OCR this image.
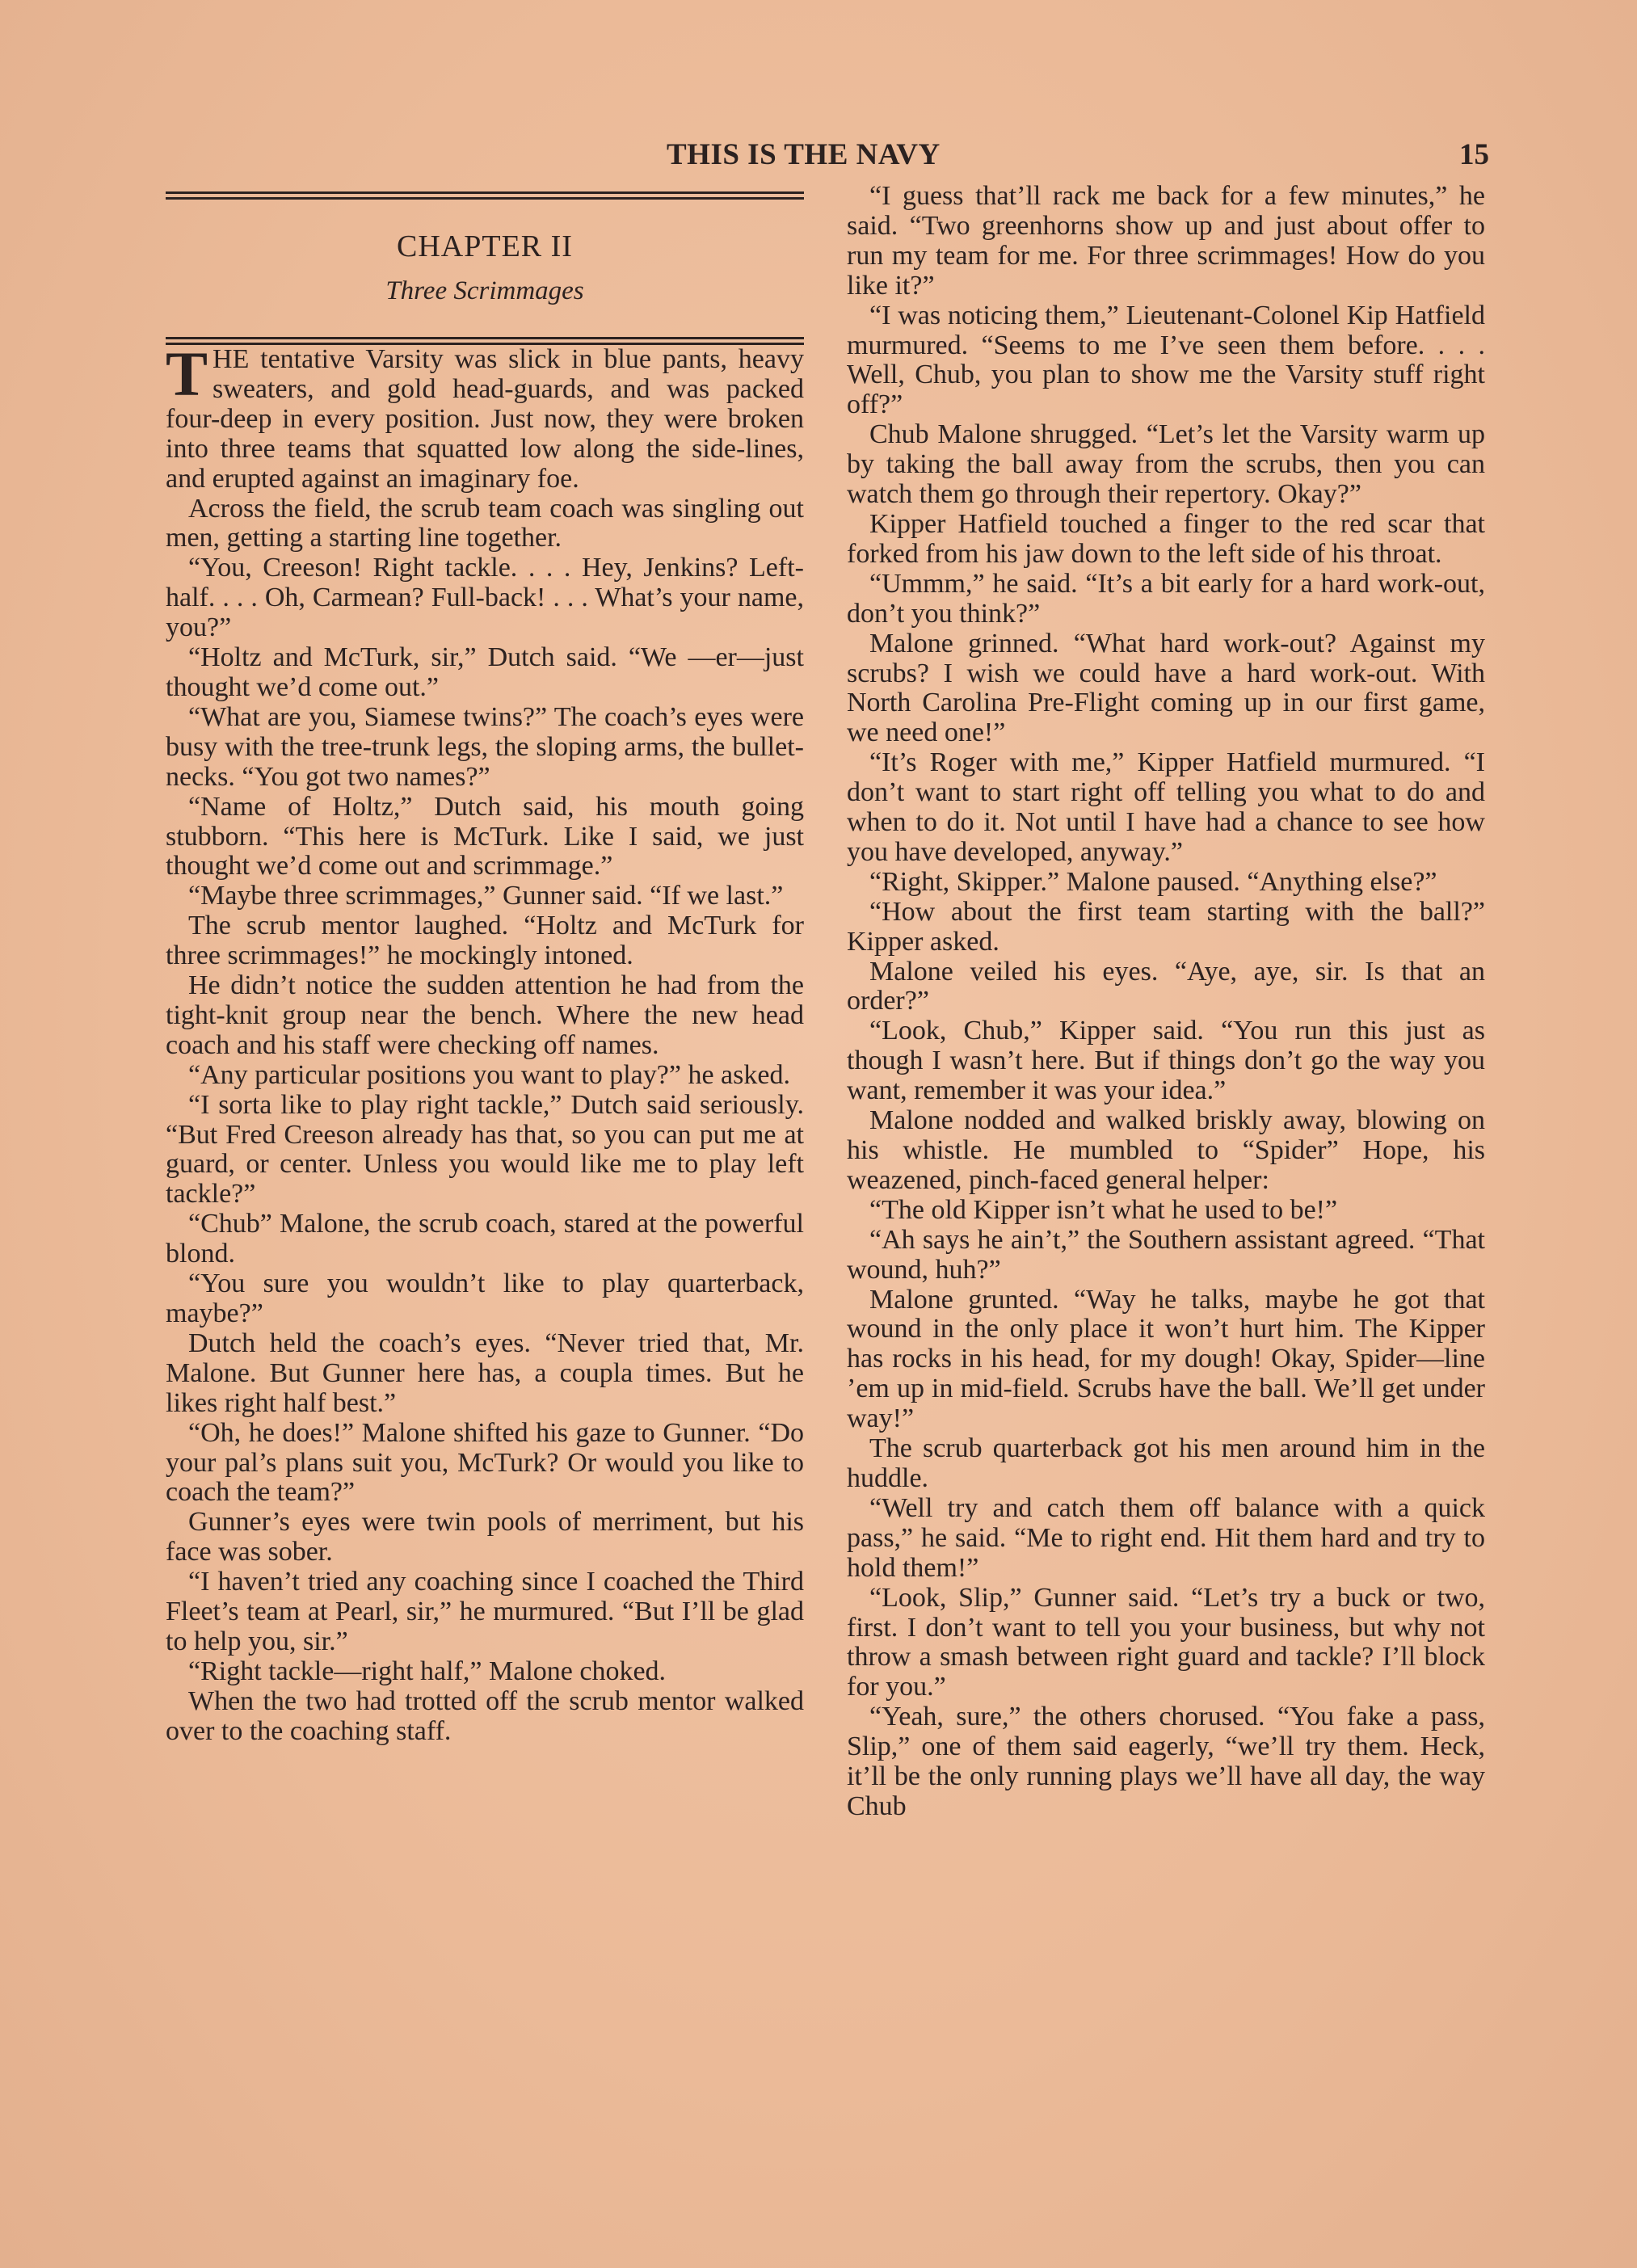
THIS IS THE NAVY	15
CHAPTER II
Three Scrimmages

THE tentative Varsity was slick in blue pants, heavy sweaters, and gold head-guards, and was packed four-deep in every position. Just now, they were broken into three teams that squatted low along the side-lines, and erupted against an imaginary foe.

Across the field, the scrub team coach was singling out men, getting a starting line together.

“You, Creeson! Right tackle. . . . Hey, Jenkins? Left-half. . . . Oh, Carmean? Full-back! . . . What’s your name, you?”

“Holtz and McTurk, sir,” Dutch said. “We —er—just thought we’d come out.”

“What are you, Siamese twins?” The coach’s eyes were busy with the tree-trunk legs, the sloping arms, the bullet-necks. “You got two names?”

“Name of Holtz,” Dutch said, his mouth going stubborn. “This here is McTurk. Like I said, we just thought we’d come out and scrimmage.”

“Maybe three scrimmages,” Gunner said. “If we last.”

The scrub mentor laughed. “Holtz and McTurk for three scrimmages!” he mockingly intoned.

He didn’t notice the sudden attention he had from the tight-knit group near the bench. Where the new head coach and his staff were checking off names.

“Any particular positions you want to play?” he asked.

“I sorta like to play right tackle,” Dutch said seriously. “But Fred Creeson already has that, so you can put me at guard, or center. Unless you would like me to play left tackle?”

“Chub” Malone, the scrub coach, stared at the powerful blond.

“You sure you wouldn’t like to play quarterback, maybe?”

Dutch held the coach’s eyes. “Never tried that, Mr. Malone. But Gunner here has, a coupla times. But he likes right half best.”

“Oh, he does!” Malone shifted his gaze to Gunner. “Do your pal’s plans suit you, McTurk? Or would you like to coach the team?”

Gunner’s eyes were twin pools of merriment, but his face was sober.

“I haven’t tried any coaching since I coached the Third Fleet’s team at Pearl, sir,” he murmured. “But I’ll be glad to help you, sir.”

“Right tackle—right half,” Malone choked.

When the two had trotted off the scrub mentor walked over to the coaching staff.

“I guess that’ll rack me back for a few minutes,” he said. “Two greenhorns show up and just about offer to run my team for me. For three scrimmages! How do you like it?”

“I was noticing them,” Lieutenant-Colonel Kip Hatfield murmured. “Seems to me I’ve seen them before. . . . Well, Chub, you plan to show me the Varsity stuff right off?”

Chub Malone shrugged. “Let’s let the Varsity warm up by taking the ball away from the scrubs, then you can watch them go through their repertory. Okay?”

Kipper Hatfield touched a finger to the red scar that forked from his jaw down to the left side of his throat.

“Ummm,” he said. “It’s a bit early for a hard work-out, don’t you think?”

Malone grinned. “What hard work-out? Against my scrubs? I wish we could have a hard work-out. With North Carolina Pre-Flight coming up in our first game, we need one!”

“It’s Roger with me,” Kipper Hatfield murmured. “I don’t want to start right off telling you what to do and when to do it. Not until I have had a chance to see how you have developed, anyway.”

“Right, Skipper.” Malone paused. “Anything else?”

“How about the first team starting with the ball?” Kipper asked.

Malone veiled his eyes. “Aye, aye, sir. Is that an order?”

“Look, Chub,” Kipper said. “You run this just as though I wasn’t here. But if things don’t go the way you want, remember it was your idea.”

Malone nodded and walked briskly away, blowing on his whistle. He mumbled to “Spider” Hope, his weazened, pinch-faced general helper:

“The old Kipper isn’t what he used to be!”

“Ah says he ain’t,” the Southern assistant agreed. “That wound, huh?”

Malone grunted. “Way he talks, maybe he got that wound in the only place it won’t hurt him. The Kipper has rocks in his head, for my dough! Okay, Spider—line ’em up in mid-field. Scrubs have the ball. We’ll get under way!”

The scrub quarterback got his men around him in the huddle.

“Well try and catch them off balance with a quick pass,” he said. “Me to right end. Hit them hard and try to hold them!”

“Look, Slip,” Gunner said. “Let’s try a buck or two, first. I don’t want to tell you your business, but why not throw a smash between right guard and tackle? I’ll block for you.”

“Yeah, sure,” the others chorused. “You fake a pass, Slip,” one of them said eagerly, “we’ll try them. Heck, it’ll be the only running plays we’ll have all day, the way Chub
